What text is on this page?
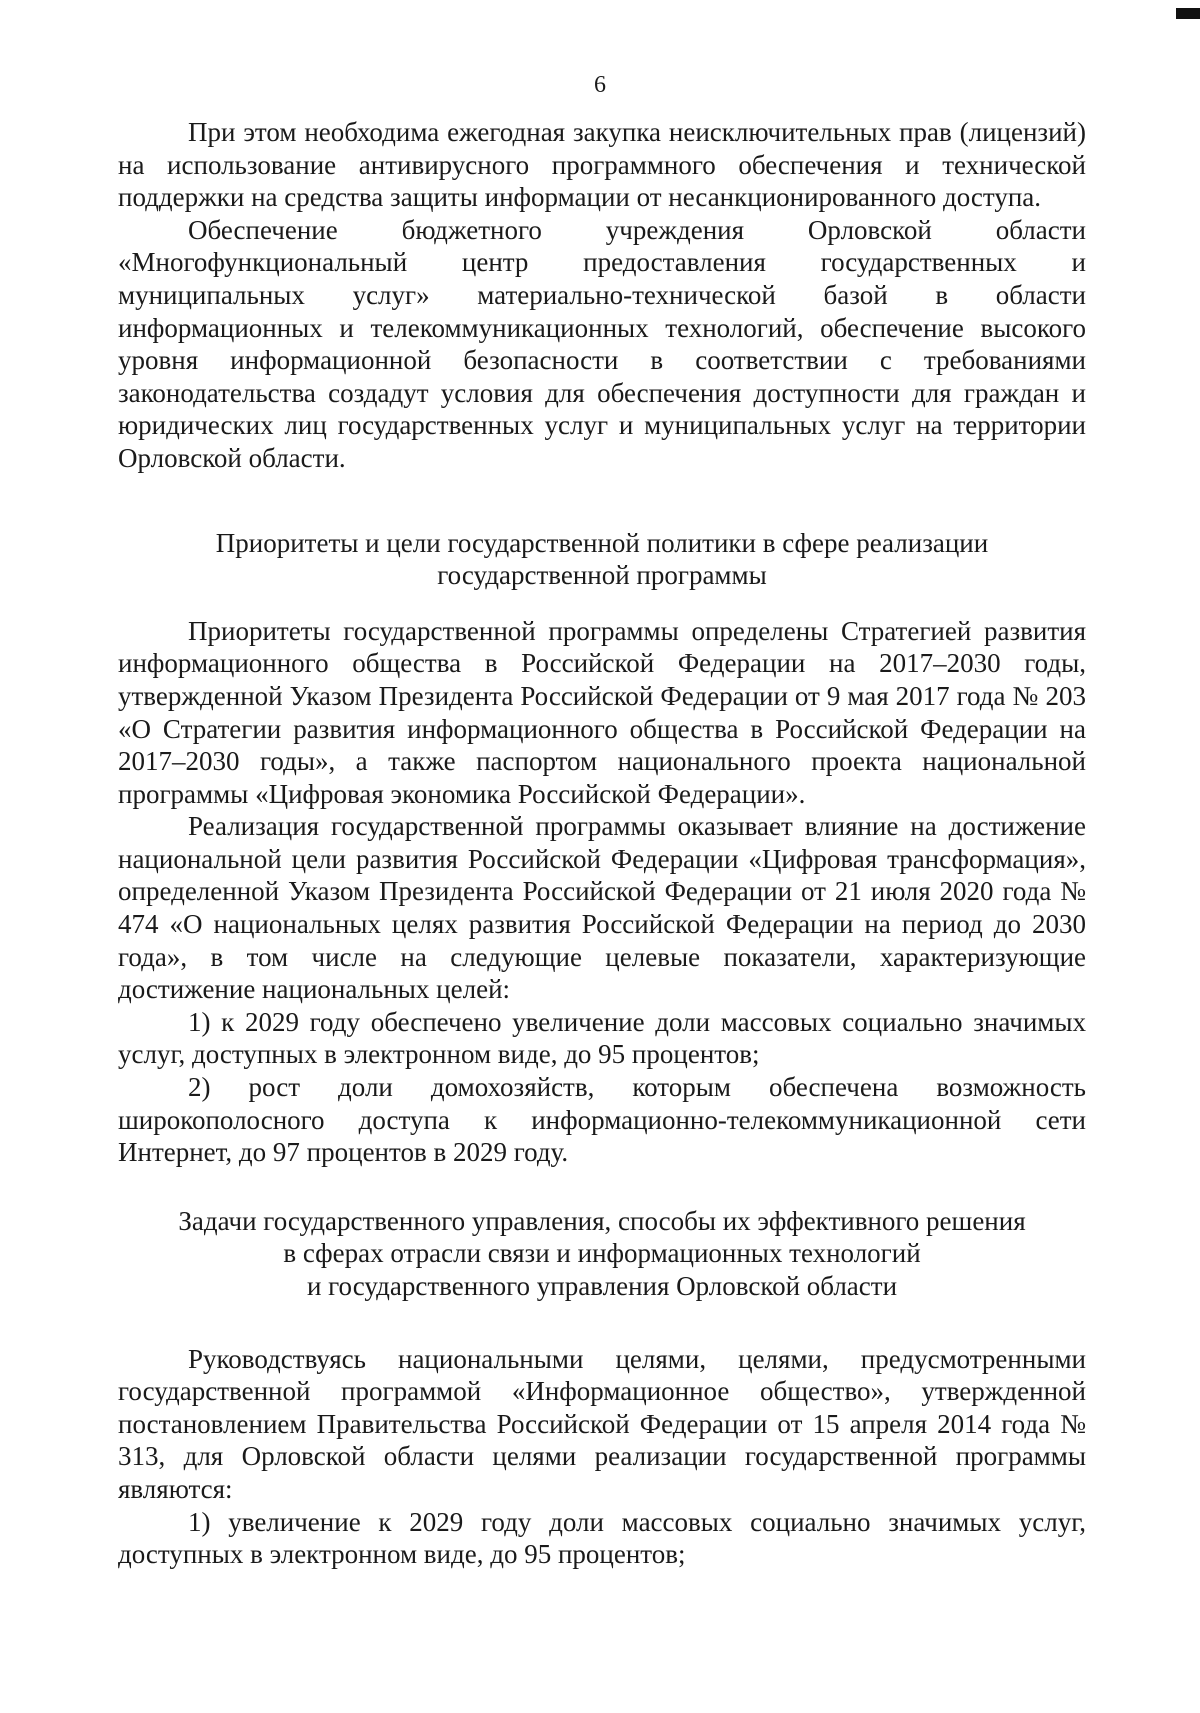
6

При этом необходима ежегодная закупка неисключительных прав (лицензий) на использование антивирусного программного обеспечения и технической поддержки на средства защиты информации от несанкционированного доступа.

Обеспечение бюджетного учреждения Орловской области «Многофункциональный центр предоставления государственных и муниципальных услуг» материально-технической базой в области информационных и телекоммуникационных технологий, обеспечение высокого уровня информационной безопасности в соответствии с требованиями законодательства создадут условия для обеспечения доступности для граждан и юридических лиц государственных услуг и муниципальных услуг на территории Орловской области.

Приоритеты и цели государственной политики в сфере реализации
государственной программы

Приоритеты государственной программы определены Стратегией развития информационного общества в Российской Федерации на 2017–2030 годы, утвержденной Указом Президента Российской Федерации от 9 мая 2017 года № 203 «О Стратегии развития информационного общества в Российской Федерации на 2017–2030 годы», а также паспортом национального проекта национальной программы «Цифровая экономика Российской Федерации».

Реализация государственной программы оказывает влияние на достижение национальной цели развития Российской Федерации «Цифровая трансформация», определенной Указом Президента Российской Федерации от 21 июля 2020 года № 474 «О национальных целях развития Российской Федерации на период до 2030 года», в том числе на следующие целевые показатели, характеризующие достижение национальных целей:

1) к 2029 году обеспечено увеличение доли массовых социально значимых услуг, доступных в электронном виде, до 95 процентов;

2) рост доли домохозяйств, которым обеспечена возможность широкополосного доступа к информационно-телекоммуникационной сети Интернет, до 97 процентов в 2029 году.

Задачи государственного управления, способы их эффективного решения
в сферах отрасли связи и информационных технологий
и государственного управления Орловской области

Руководствуясь национальными целями, целями, предусмотренными государственной программой «Информационное общество», утвержденной постановлением Правительства Российской Федерации от 15 апреля 2014 года № 313, для Орловской области целями реализации государственной программы являются:

1) увеличение к 2029 году доли массовых социально значимых услуг, доступных в электронном виде, до 95 процентов;
